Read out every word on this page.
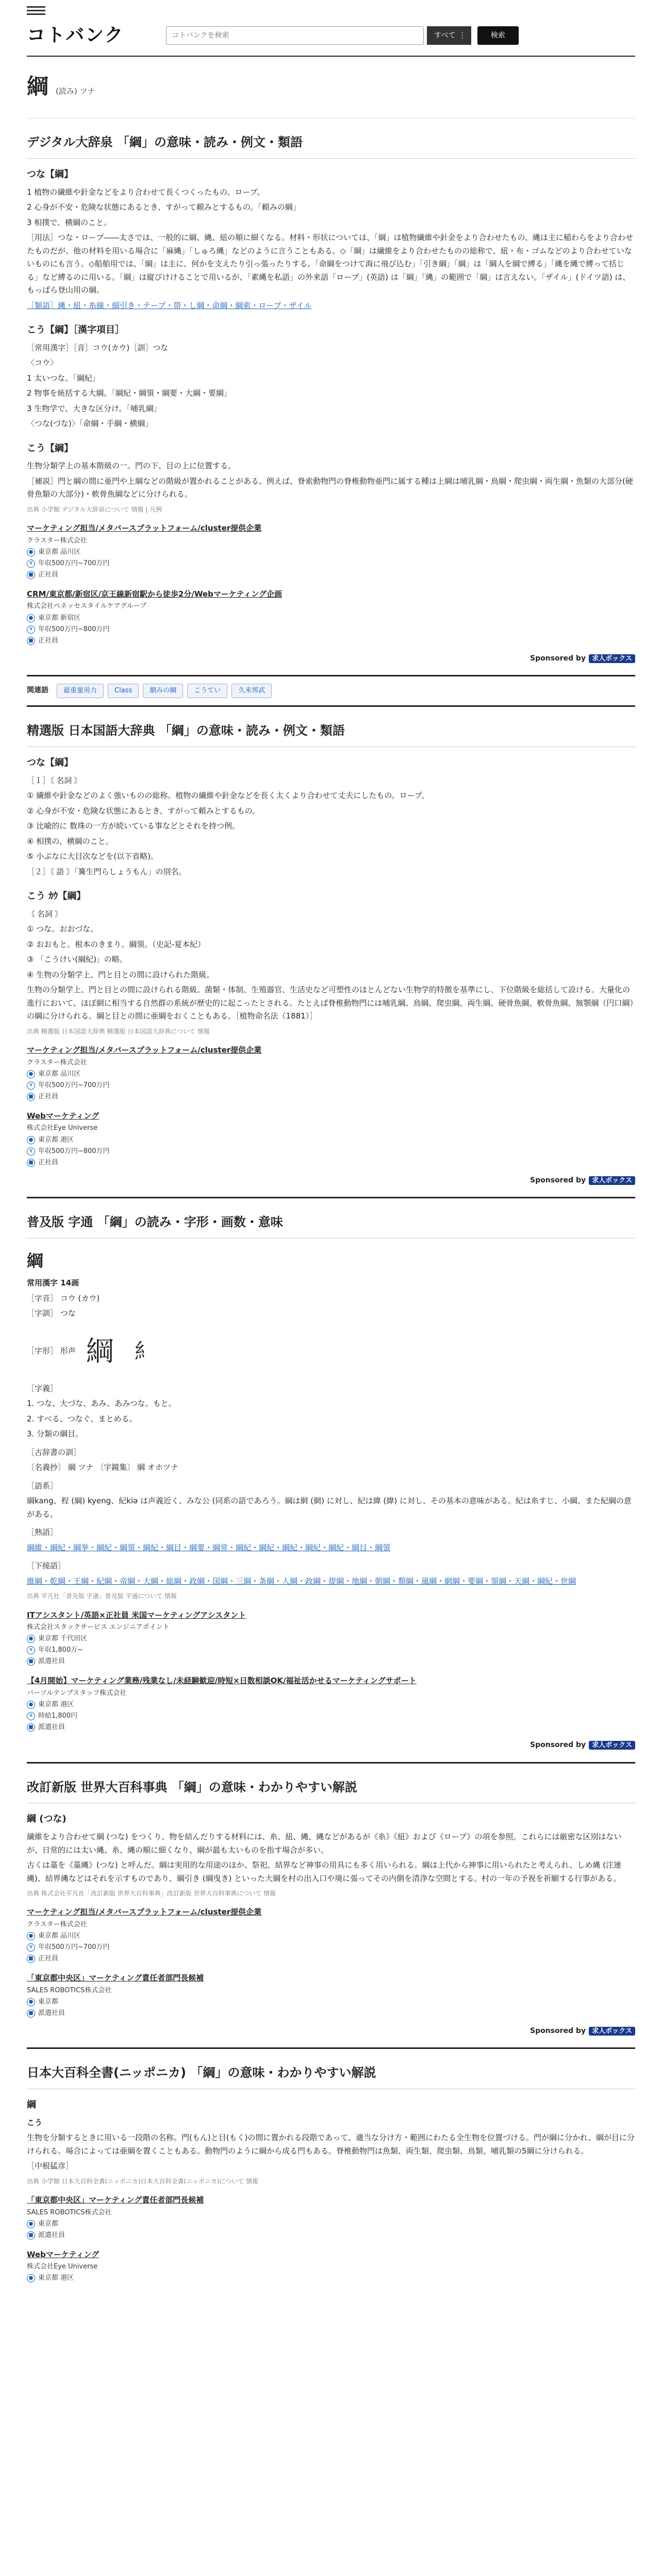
コトバンク
コトバンクを検索	すべて ⋮	検索
綱 (読み) ツナ
デジタル大辞泉 「綱」の意味・読み・例文・類語
つな【綱】
1 植物の繊維や針金などをより合わせて長くつくったもの。ロープ。
2 心身が不安・危険な状態にあるとき、すがって頼みとするもの。「頼みの綱」
3 相撲で、横綱のこと。
［用法］つな・ロープ――太さでは、一般的に綱、縄、紐の順に細くなる。材料・形状については、「綱」は植物繊維や針金をより合わせたもの、縄は主に稲わらをより合わせたものだが、他の材料を用いる場合に「麻縄」「しゅろ縄」などのように言うこともある。◇「綱」は繊維をより合わせたものの総称で、紐・布・ゴムなどのより合わせていないものにも言う。◇船舶用では、「綱」は主に、何かを支えたり引っ張ったりする。「命綱をつけて海に飛び込む」「引き綱」「綱」は「綱人を綱で縛る」「縄を縄で縛って括じる」など縛るのに用いる。「綱」は縦びけけることで用いるが、「素縄を私語」の外来語「ロープ」(英語) は「綱」「縄」の範囲で「綱」は言えない。「ザイル」(ドイツ語) は、もっぱら登山用の綱。
［類語］縄・紐・糸線・細引き・テープ・帯・し綱・命綱・綱索・ロープ・ザイル
こう【綱】［漢字項目］
［常用漢字］［音］コウ(カウ)［訓］つな
〈コウ〉
1 太いつな。「綱紀」
2 物事を統括する大綱。「綱紀・綱領・綱要・大綱・要綱」
3 生物学で、大きな区分け。「哺乳綱」
〈つな(づな)〉「命綱・手綱・横綱」
こう【綱】
生物分類学上の基本階級の一。門の下、目の上に位置する。
［補説］門と綱の間に亜門や上綱などの階級が置かれることがある。例えば、脊索動物門の脊椎動物亜門に属する種は上綱は哺乳綱・鳥綱・爬虫綱・両生綱・魚類の大部分(硬骨魚類の大部分)・軟骨魚綱などに分けられる。
出典 小学館 デジタル大辞泉について 情報 | 凡例
マーケティング担当/メタバースプラットフォーム/cluster提供企業
クラスター株式会社
● 東京都 品川区
¥ 年収500万円~700万円
■ 正社員
CRM/東京都/新宿区/京王線新宿駅から徒歩2分/Webマーケティング企画
株式会社ベネッセスタイルケアグループ
● 東京都 新宿区
¥ 年収500万円~800万円
■ 正社員
Sponsored by 求人ボックス
関連語	最重量用力	Class	網みの綱	こうてい	久米邦武
精選版 日本国語大辞典 「綱」の意味・読み・例文・類語
つな【綱】
［１］〘 名詞 〙
① 繊維や針金などのよく強いものの総称。植物の繊維や針金などを長く太くより合わせて丈夫にしたもの。ロープ。
② 心身が不安・危険な状態にあるとき、すがって頼みとするもの。
③ 比喩的に 数珠の一方が続いている事などとそれを持つ例。
④ 相撲の、横綱のこと。
⑤ 小ぶなに大目次などを(以下省略)。
［２］〘 語 〙「篝生門らしょうもん」の別名。
こう ｶｳ【綱】
〘 名詞 〙
① つな。おおづな。
② おおもと。根本のきまり。綱領。（史記-夏本紀）
③ 「こうけい(綱紀)」の略。
④ 生物の分類学上、門と目との間に設けられた階級。
生物の分類学上、門と目との間に設けられる階級。菌類・体制、生殖器官、生活史など可塑性のほとんどない生物学的特徴を基準にし、下位階級を総括して設ける。大量化の進行において、ほぼ網に相当する自然群の系統が歴史的に起こったとされる。たとえば脊椎動物門には哺乳綱、鳥綱、爬虫綱、両生綱、硬骨魚綱、軟骨魚綱、無顎綱（円口綱）の綱に分けられる。綱と目との間に亜綱をおくこともある。［植物命名法（1881）］
出典 精選版 日本国語大辞典 精選版 日本国語大辞典について 情報
マーケティング担当/メタバースプラットフォーム/cluster提供企業
クラスター株式会社
● 東京都 品川区
¥ 年収500万円~700万円
■ 正社員
Webマーケティング
株式会社Eye Universe
● 東京都 港区
¥ 年収500万円~800万円
■ 正社員
Sponsored by 求人ボックス
普及版 字通 「綱」の読み・字形・画数・意味
綱
常用漢字 14画
［字音］ コウ (カウ)
［字訓］ つな
［字形］ 形声 綱 ⺯
［字義］
1. つな、大づな、あみ、あみつな。もと。
2. すべる、つなぐ、まとめる。
3. 分類の綱目。
［古辞書の訓］
〔名義抄〕 綱 ツナ 〔字鏡集〕 綱 オホツナ
［語系］
綱kang、程 (綱) kyeng、紀kiə は声義近く、みな公 (同系の語であろう。綱は網 (網) に対し、紀は緯 (緯) に対し、その基本の意味がある。紀は糸すじ、小綱、また紀綱の意がある。
［熟語］
綱維・綱紀・綱挙・綱紀・綱領・綱紀・綱目・綱要・綱常・綱紀・綱紀・綱紀・綱紀・綱紀・綱目・綱領
［下接語］
維綱・乾綱・王綱・紀綱・帝綱・大綱・総綱・政綱・国綱・三綱・条綱・人綱・政綱・提綱・地綱・朝綱・頽綱・風綱・網綱・要綱・領綱・天綱・綱紀・世綱
出典 平凡社「普及版 字通」普及版 字通について 情報
ITアシスタント/英語×正社員 米国マーケティングアシスタント
株式会社スタックサービス エンジニアポイント
● 東京都 千代田区
¥ 年収1,800万~
■ 派遣社員
【4月開始】マーケティング業務/残業なし/未経験歓迎/時短×日数相談OK/福祉活かせるマーケティングサポート
パーソルテンプスタッフ株式会社
● 東京都 港区
¥ 時給1,800円
■ 派遣社員
Sponsored by 求人ボックス
改訂新版 世界大百科事典 「綱」の意味・わかりやすい解説
綱 (つな)
繊維をより合わせて綱 (つな) をつくり、物を結んだりする材料には、糸、紐、縄、縄などがあるが《糸》《紐》および《ロープ》の項を参照。これらには厳密な区別はないが、日常的には太い縄、糸、縄の順に細くなり、綱が最も太いものを指す場合が多い。
古くは藁を《藁縄》(つな) と呼んだ。綱は実用的な用途のほか、祭祀、結界など神事の用具にも多く用いられる。綱は上代から神事に用いられたと考えられ、しめ縄 (注連縄)、結界縄などはそれを示すものであり、綱引き (綱曳き) といった大綱を村の出入口や境に張ってその内側を清浄な空間とする。村の一年の予祝を祈願する行事がある。
出典 株式会社平凡社「改訂新版 世界大百科事典」改訂新版 世界大百科事典について 情報
マーケティング担当/メタバースプラットフォーム/cluster提供企業
クラスター株式会社
● 東京都 品川区
¥ 年収500万円~700万円
■ 正社員
「東京都中央区」マーケティング責任者部門長候補
SALES ROBOTICS株式会社
● 東京都
■ 派遣社員
Sponsored by 求人ボックス
日本大百科全書(ニッポニカ) 「綱」の意味・わかりやすい解説
綱
こう
生物を分類するときに用いる一段階の名称。門(もん)と目(もく)の間に置かれる段階であって、適当な分け方・範囲にわたる全生物を位置づける。門が綱に分かれ、綱が目に分けられる。場合によっては亜綱を置くこともある。動物門のように綱から成る門もある。脊椎動物門は魚類、両生類、爬虫類、鳥類、哺乳類の5綱に分けられる。
［中根猛彦］
出典 小学館 日本大百科全書(ニッポニカ)日本大百科全書(ニッポニカ)について 情報
「東京都中央区」マーケティング責任者部門長候補
SALES ROBOTICS株式会社
● 東京都
■ 派遣社員
Webマーケティング
株式会社Eye Universe
● 東京都 港区
